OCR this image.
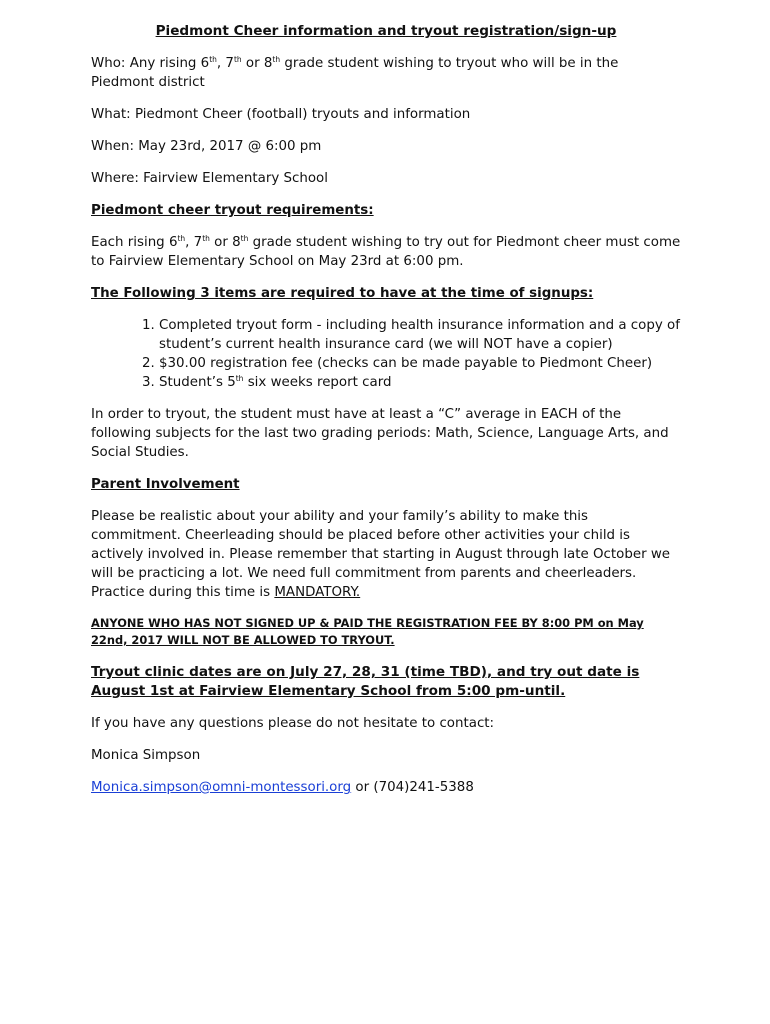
Piedmont Cheer information and tryout registration/sign-up

Who: Any rising 6th, 7th or 8th grade student wishing to tryout who will be in the Piedmont district

What: Piedmont Cheer (football) tryouts and information

When: May 23rd, 2017 @ 6:00 pm

Where: Fairview Elementary School

Piedmont cheer tryout requirements:

Each rising 6th, 7th or 8th grade student wishing to try out for Piedmont cheer must come to Fairview Elementary School on May 23rd at 6:00 pm.

The Following 3 items are required to have at the time of signups:

1. Completed tryout form - including health insurance information and a copy of student’s current health insurance card (we will NOT have a copier)
2. $30.00 registration fee (checks can be made payable to Piedmont Cheer)
3. Student’s 5th six weeks report card

In order to tryout, the student must have at least a “C” average in EACH of the following subjects for the last two grading periods: Math, Science, Language Arts, and Social Studies.

Parent Involvement

Please be realistic about your ability and your family’s ability to make this commitment. Cheerleading should be placed before other activities your child is actively involved in. Please remember that starting in August through late October we will be practicing a lot. We need full commitment from parents and cheerleaders. Practice during this time is MANDATORY.

ANYONE WHO HAS NOT SIGNED UP & PAID THE REGISTRATION FEE BY 8:00 PM on May 22nd, 2017 WILL NOT BE ALLOWED TO TRYOUT.

Tryout clinic dates are on July 27, 28, 31 (time TBD), and try out date is August 1st at Fairview Elementary School from 5:00 pm-until.

If you have any questions please do not hesitate to contact:

Monica Simpson

Monica.simpson@omni-montessori.org or (704)241-5388
